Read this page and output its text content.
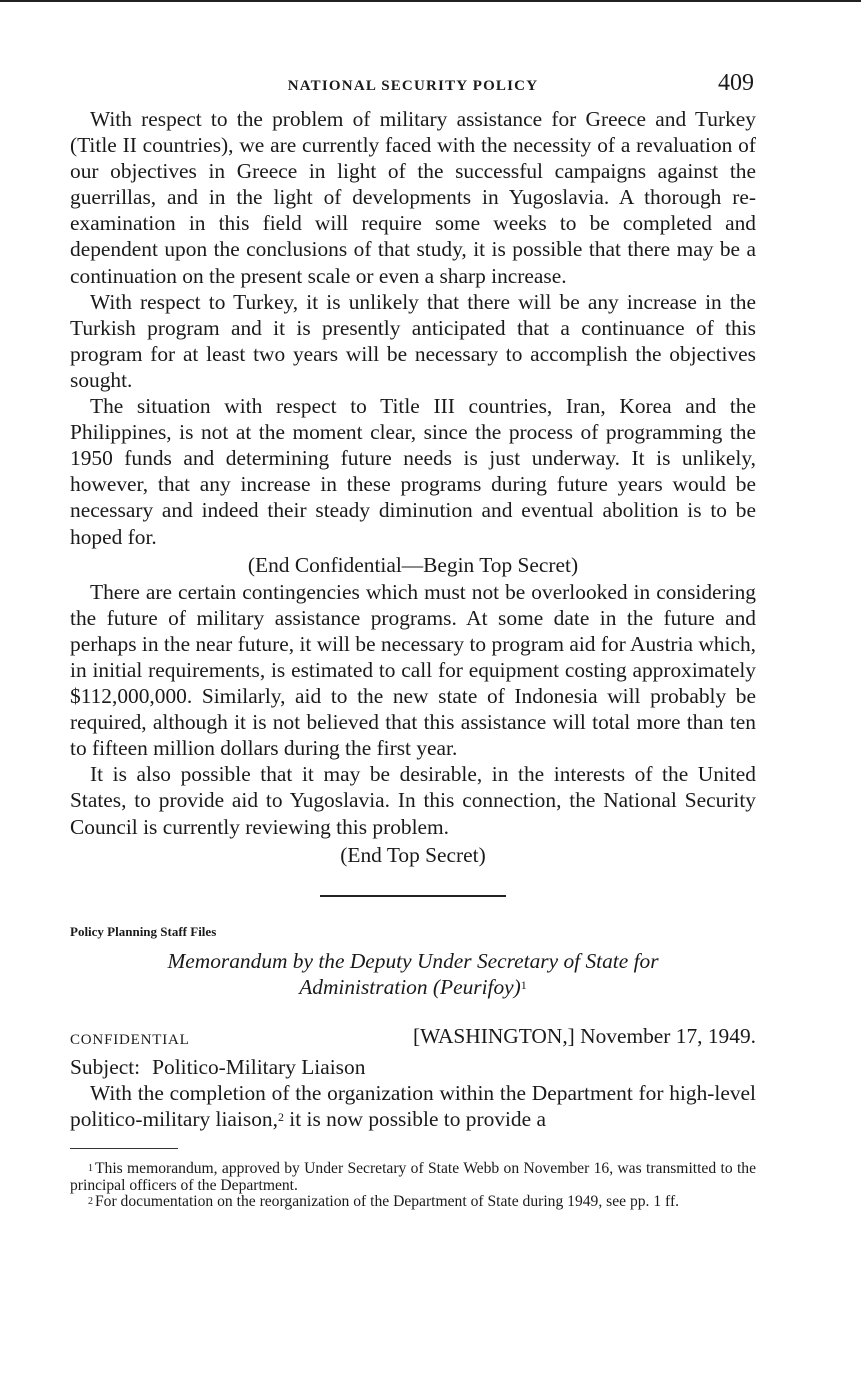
NATIONAL SECURITY POLICY	409

With respect to the problem of military assistance for Greece and Turkey (Title II countries), we are currently faced with the necessity of a revaluation of our objectives in Greece in light of the successful campaigns against the guerrillas, and in the light of developments in Yugoslavia. A thorough re-examination in this field will require some weeks to be completed and dependent upon the conclusions of that study, it is possible that there may be a continuation on the present scale or even a sharp increase.

With respect to Turkey, it is unlikely that there will be any increase in the Turkish program and it is presently anticipated that a continuance of this program for at least two years will be necessary to accomplish the objectives sought.

The situation with respect to Title III countries, Iran, Korea and the Philippines, is not at the moment clear, since the process of programming the 1950 funds and determining future needs is just underway. It is unlikely, however, that any increase in these programs during future years would be necessary and indeed their steady diminution and eventual abolition is to be hoped for.

(End Confidential—Begin Top Secret)

There are certain contingencies which must not be overlooked in considering the future of military assistance programs. At some date in the future and perhaps in the near future, it will be necessary to program aid for Austria which, in initial requirements, is estimated to call for equipment costing approximately $112,000,000. Similarly, aid to the new state of Indonesia will probably be required, although it is not believed that this assistance will total more than ten to fifteen million dollars during the first year.

It is also possible that it may be desirable, in the interests of the United States, to provide aid to Yugoslavia. In this connection, the National Security Council is currently reviewing this problem.

(End Top Secret)

Policy Planning Staff Files
Memorandum by the Deputy Under Secretary of State for
Administration (Peurifoy)$^1$
CONFIDENTIAL	[WASHINGTON,] November 17, 1949.
Subject: Politico-Military Liaison

With the completion of the organization within the Department for high-level politico-military liaison,$^2$ it is now possible to provide a

$^1$ This memorandum, approved by Under Secretary of State Webb on November 16, was transmitted to the principal officers of the Department.

$^2$ For documentation on the reorganization of the Department of State during 1949, see pp. 1 ff.
